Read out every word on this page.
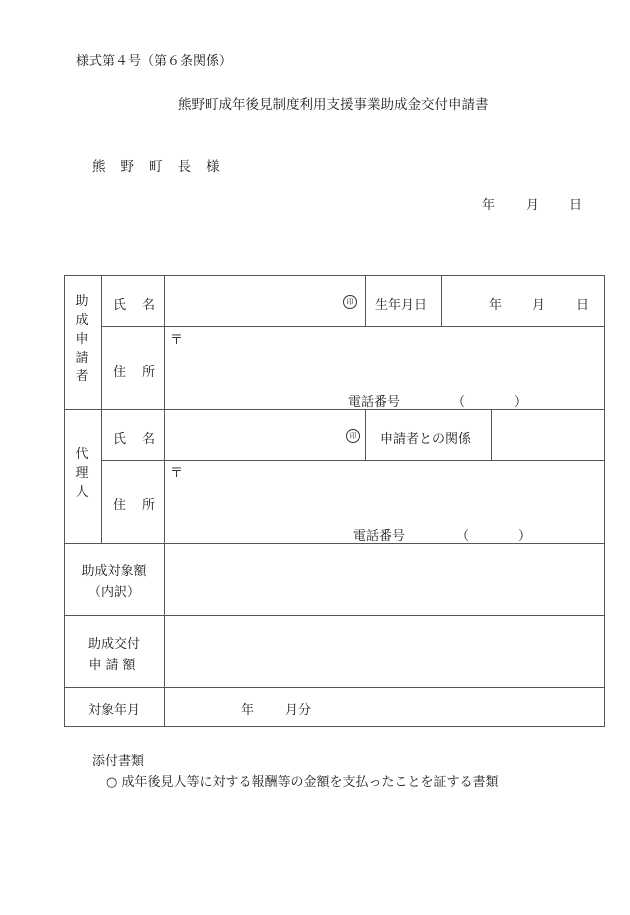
様式第４号（第６条関係）
熊野町成年後見制度利用支援事業助成金交付申請書
熊野町長様
年 月 日
助成申請者
氏名	印 生年月日	年 月 日
住所
〒
電話番号	（	）
代理人
氏名	印 申請者との関係
住所
〒
電話番号	（	）
助成対象額
（内訳）
助成交付
申請額
対象年月	年 月分
添付書類
○ 成年後見人等に対する報酬等の金額を支払ったことを証する書類
